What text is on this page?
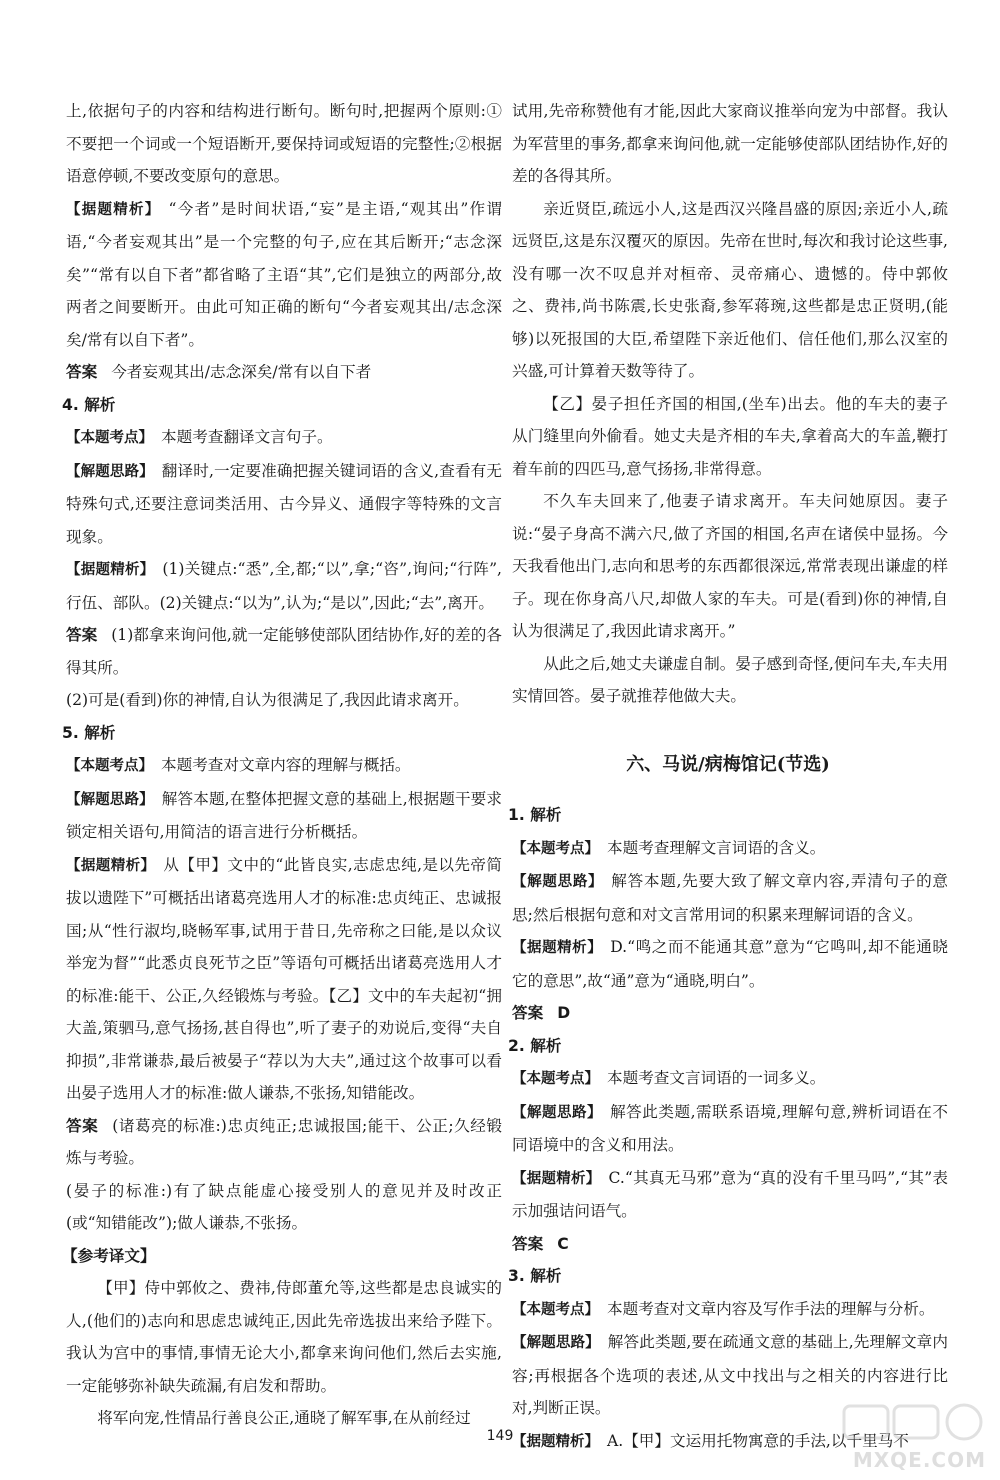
上,依据句子的内容和结构进行断句。断句时,把握两个原则:①不要把一个词或一个短语断开,要保持词或短语的完整性;②根据语意停顿,不要改变原句的意思。

【据题精析】 “今者”是时间状语,“妄”是主语,“观其出”作谓语,“今者妄观其出”是一个完整的句子,应在其后断开;“志念深矣”“常有以自下者”都省略了主语“其”,它们是独立的两部分,故两者之间要断开。由此可知正确的断句“今者妄观其出/志念深矣/常有以自下者”。

答案 今者妄观其出/志念深矣/常有以自下者

4. 解析

【本题考点】 本题考查翻译文言句子。

【解题思路】 翻译时,一定要准确把握关键词语的含义,查看有无特殊句式,还要注意词类活用、古今异义、通假字等特殊的文言现象。

【据题精析】 (1)关键点:“悉”,全,都;“以”,拿;“咨”,询问;“行阵”,行伍、部队。(2)关键点:“以为”,认为;“是以”,因此;“去”,离开。

答案 (1)都拿来询问他,就一定能够使部队团结协作,好的差的各得其所。

(2)可是(看到)你的神情,自认为很满足了,我因此请求离开。

5. 解析

【本题考点】 本题考查对文章内容的理解与概括。

【解题思路】 解答本题,在整体把握文意的基础上,根据题干要求锁定相关语句,用简洁的语言进行分析概括。

【据题精析】 从【甲】文中的“此皆良实,志虑忠纯,是以先帝简拔以遗陛下”可概括出诸葛亮选用人才的标准:忠贞纯正、忠诚报国;从“性行淑均,晓畅军事,试用于昔日,先帝称之曰能,是以众议举宠为督”“此悉贞良死节之臣”等语句可概括出诸葛亮选用人才的标准:能干、公正,久经锻炼与考验。【乙】文中的车夫起初“拥大盖,策驷马,意气扬扬,甚自得也”,听了妻子的劝说后,变得“夫自抑损”,非常谦恭,最后被晏子“荐以为大夫”,通过这个故事可以看出晏子选用人才的标准:做人谦恭,不张扬,知错能改。

答案 (诸葛亮的标准:)忠贞纯正;忠诚报国;能干、公正;久经锻炼与考验。

(晏子的标准:)有了缺点能虚心接受别人的意见并及时改正(或“知错能改”);做人谦恭,不张扬。

【参考译文】

【甲】侍中郭攸之、费祎,侍郎董允等,这些都是忠良诚实的人,(他们的)志向和思虑忠诚纯正,因此先帝选拔出来给予陛下。我认为宫中的事情,事情无论大小,都拿来询问他们,然后去实施,一定能够弥补缺失疏漏,有启发和帮助。

将军向宠,性情品行善良公正,通晓了解军事,在从前经过

试用,先帝称赞他有才能,因此大家商议推举向宠为中部督。我认为军营里的事务,都拿来询问他,就一定能够使部队团结协作,好的差的各得其所。

亲近贤臣,疏远小人,这是西汉兴隆昌盛的原因;亲近小人,疏远贤臣,这是东汉覆灭的原因。先帝在世时,每次和我讨论这些事,没有哪一次不叹息并对桓帝、灵帝痛心、遗憾的。侍中郭攸之、费祎,尚书陈震,长史张裔,参军蒋琬,这些都是忠正贤明,(能够)以死报国的大臣,希望陛下亲近他们、信任他们,那么汉室的兴盛,可计算着天数等待了。

【乙】晏子担任齐国的相国,(坐车)出去。他的车夫的妻子从门缝里向外偷看。她丈夫是齐相的车夫,拿着高大的车盖,鞭打着车前的四匹马,意气扬扬,非常得意。

不久车夫回来了,他妻子请求离开。车夫问她原因。妻子说:“晏子身高不满六尺,做了齐国的相国,名声在诸侯中显扬。今天我看他出门,志向和思考的东西都很深远,常常表现出谦虚的样子。现在你身高八尺,却做人家的车夫。可是(看到)你的神情,自认为很满足了,我因此请求离开。”

从此之后,她丈夫谦虚自制。晏子感到奇怪,便问车夫,车夫用实情回答。晏子就推荐他做大夫。

六、马说/病梅馆记(节选)

1. 解析

【本题考点】 本题考查理解文言词语的含义。

【解题思路】 解答本题,先要大致了解文章内容,弄清句子的意思;然后根据句意和对文言常用词的积累来理解词语的含义。

【据题精析】 D.“鸣之而不能通其意”意为“它鸣叫,却不能通晓它的意思”,故“通”意为“通晓,明白”。

答案 D

2. 解析

【本题考点】 本题考查文言词语的一词多义。

【解题思路】 解答此类题,需联系语境,理解句意,辨析词语在不同语境中的含义和用法。

【据题精析】 C.“其真无马邪”意为“真的没有千里马吗”,“其”表示加强诘问语气。

答案 C

3. 解析

【本题考点】 本题考查对文章内容及写作手法的理解与分析。

【解题思路】 解答此类题,要在疏通文意的基础上,先理解文章内容;再根据各个选项的表述,从文中找出与之相关的内容进行比对,判断正误。

【据题精析】 A.【甲】文运用托物寓意的手法,以千里马不

149
MXQE.COM
